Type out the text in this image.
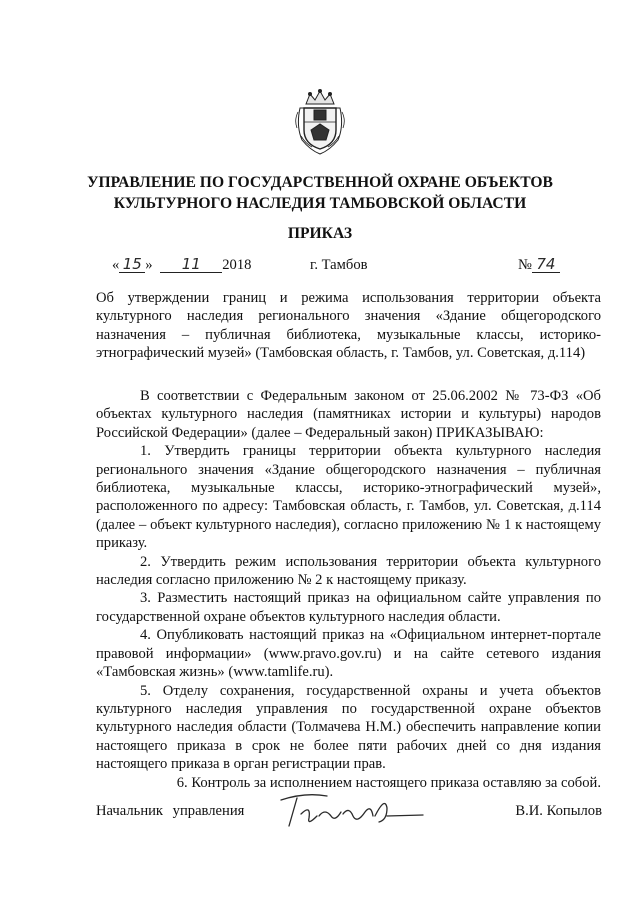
УПРАВЛЕНИЕ ПО ГОСУДАРСТВЕННОЙ ОХРАНЕ ОБЪЕКТОВ
КУЛЬТУРНОГО НАСЛЕДИЯ ТАМБОВСКОЙ ОБЛАСТИ
ПРИКАЗ
« 15 » 11 2018	г. Тамбов	№ 74
Об утверждении границ и режима использования территории объекта культурного наследия регионального значения «Здание общегородского назначения – публичная библиотека, музыкальные классы, историко-этнографический музей» (Тамбовская область, г. Тамбов, ул. Советская, д.114)

В соответствии с Федеральным законом от 25.06.2002 № 73-ФЗ «Об объектах культурного наследия (памятниках истории и культуры) народов Российской Федерации» (далее – Федеральный закон) ПРИКАЗЫВАЮ:

1. Утвердить границы территории объекта культурного наследия регионального значения «Здание общегородского назначения – публичная библиотека, музыкальные классы, историко-этнографический музей», расположенного по адресу: Тамбовская область, г. Тамбов, ул. Советская, д.114 (далее – объект культурного наследия), согласно приложению № 1 к настоящему приказу.

2. Утвердить режим использования территории объекта культурного наследия согласно приложению № 2 к настоящему приказу.

3. Разместить настоящий приказ на официальном сайте управления по государственной охране объектов культурного наследия области.

4. Опубликовать настоящий приказ на «Официальном интернет-портале правовой информации» (www.pravo.gov.ru) и на сайте сетевого издания «Тамбовская жизнь» (www.tamlife.ru).

5. Отделу сохранения, государственной охраны и учета объектов культурного наследия управления по государственной охране объектов культурного наследия области (Толмачева Н.М.) обеспечить направление копии настоящего приказа в срок не более пяти рабочих дней со дня издания настоящего приказа в орган регистрации прав.

6. Контроль за исполнением настоящего приказа оставляю за собой.

Начальник управления	В.И. Копылов
